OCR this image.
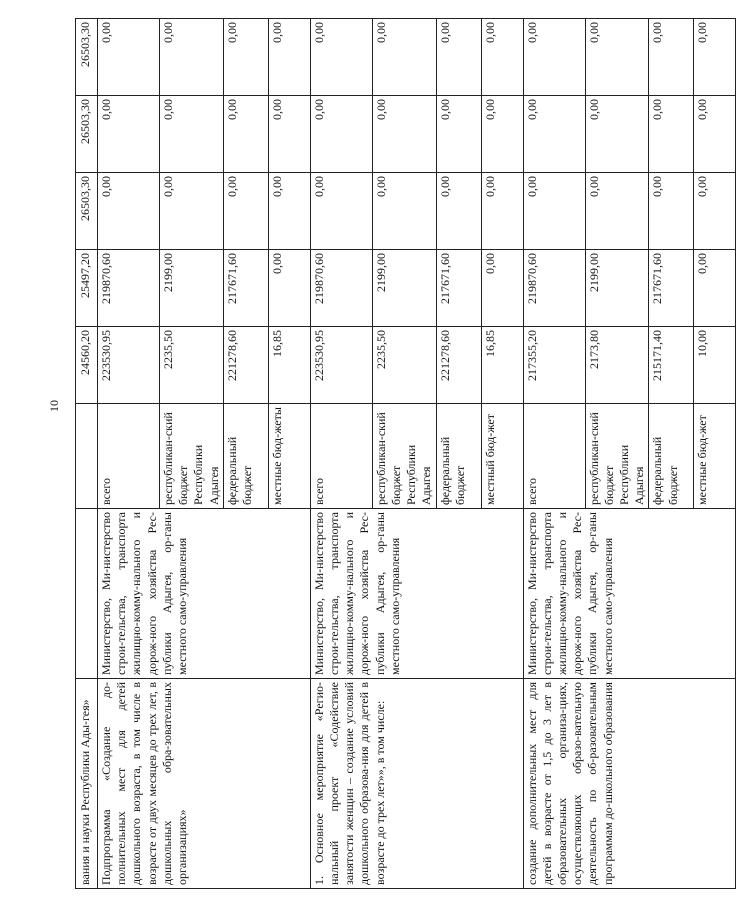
10
вания и науки Республики Ады-гея»			24560,20	25497,20	26503,30	26503,30	26503,30
Подпрограмма «Создание до-полнительных мест для детей дошкольного возраста, в том числе в возрасте от двух месяцев до трех лет, в дошкольных обра-зовательных организациях»	Министерство, Ми-нистерство строи-тельства, транспорта жилищно-комму-нального и дорож-ного хозяйства Рес-публики Адыгея, ор-ганы местного само-управления	всего	223530,95	219870,60	0,00	0,00	0,00
		республикан-ский бюджет Республики Адыгея	2235,50	2199,00	0,00	0,00	0,00
		федеральный бюджет	221278,60	217671,60	0,00	0,00	0,00
		местные бюд-жеты	16,85	0,00	0,00	0,00	0,00
1. Основное мероприятие «Регио-нальный проект «Содействие занятости женщин – создание условий дошкольного образова-ния для детей в возрасте до трех лет»», в том числе:	Министерство, Ми-нистерство строи-тельства, транспорта жилищно-комму-нального и дорож-ного хозяйства Рес-публики Адыгея, ор-ганы местного само-управления	всего	223530,95	219870,60	0,00	0,00	0,00
		республикан-ский бюджет Республики Адыгея	2235,50	2199,00	0,00	0,00	0,00
		федеральный бюджет	221278,60	217671,60	0,00	0,00	0,00
		местный бюд-жет	16,85	0,00	0,00	0,00	0,00
создание дополнительных мест для детей в возрасте от 1,5 до 3 лет в образовательных организа-циях, осуществляющих образо-вательную деятельность по об-разовательным программам до-школьного образования	Министерство, Ми-нистерство строи-тельства, транспорта жилищно-комму-нального и дорож-ного хозяйства Рес-публики Адыгея, ор-ганы местного само-управления	всего	217355,20	219870,60	0,00	0,00	0,00
		республикан-ский бюджет Республики Адыгея	2173,80	2199,00	0,00	0,00	0,00
		федеральный бюджет	215171,40	217671,60	0,00	0,00	0,00
		местные бюд-жет	10,00	0,00	0,00	0,00	0,00
